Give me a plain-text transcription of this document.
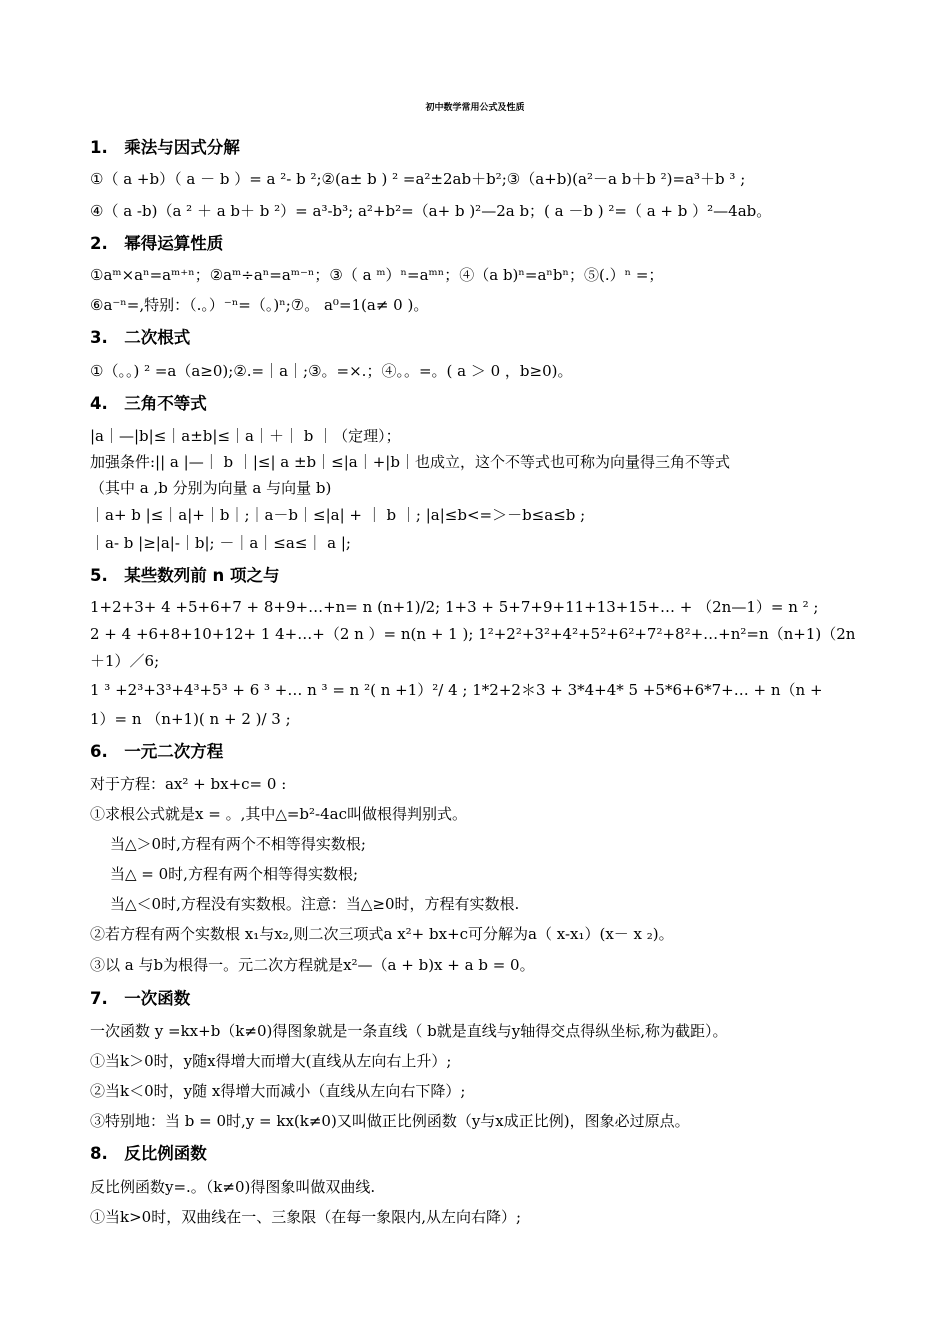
初中数学常用公式及性质
1.　乘法与因式分解
①（ a +b）（ a － b ）= a ²- b ²;②(a± b ) ² =a²±2ab＋b²;③（a+b)(a²－a b＋b ²)=a³＋b ³ ;
④（ a -b)（a ² ＋ a b＋ b ²）= a³-b³; a²+b²=（a+ b )²—2a b；( a －b ) ²=（ a + b ）²—4ab。
2.　幂得运算性质
①aᵐ×aⁿ=aᵐ⁺ⁿ；②aᵐ÷aⁿ=aᵐ⁻ⁿ；③（ a ᵐ）ⁿ=aᵐⁿ；④（a b)ⁿ=aⁿbⁿ；⑤(.）ⁿ =；
⑥a⁻ⁿ=,特别：（.。）⁻ⁿ=（。)ⁿ;⑦。 a⁰=1(a≠ 0 )。
3.　二次根式
①（。。) ² =a（a≥0);②.=｜a｜;③。=×.；④。。=。( a ＞ 0 ，b≥0)。
4.　三角不等式
|a｜—|b|≤｜a±b|≤｜a｜＋｜ b ｜（定理）；
加强条件:|| a |—｜ b ｜|≤| a ±b｜≤|a｜+|b｜也成立，这个不等式也可称为向量得三角不等式
（其中 a ,b 分别为向量 a 与向量 b)
｜a+ b |≤｜a|+｜b｜;｜a－b｜≤|a| + ｜ b ｜; |a|≤b<=＞－b≤a≤b ;
｜a- b |≥|a|-｜b|; －｜a｜≤a≤｜ a |;
5.　某些数列前 n 项之与
1+2+3+ 4 +5+6+7 + 8+9+…+n= n (n+1)/2; 1+3 + 5+7+9+11+13+15+… + （2n—1）= n ² ;
2 + 4 +6+8+10+12+ 1 4+…+（2 n ）= n(n + 1 ); 1²+2²+3²+4²+5²+6²+7²+8²+…+n²=n（n+1)（2n
＋1）／6;
1 ³ +2³+3³+4³+5³ + 6 ³ +… n ³ = n ²( n +1）²/ 4 ; 1*2+2＊3 + 3*4+4* 5 +5*6+6*7+… + n（n +
1）= n （n+1)( n + 2 )/ 3 ;
6.　一元二次方程
对于方程：ax² + bx+c= 0 :
①求根公式就是x = 。,其中△=b²-4ac叫做根得判别式。
当△＞0时,方程有两个不相等得实数根;
当△ = 0时,方程有两个相等得实数根;
当△＜0时,方程没有实数根。注意：当△≥0时，方程有实数根.
②若方程有两个实数根 x₁与x₂,则二次三项式a x²+ bx+c可分解为a（ x-x₁）(x－ x ₂)。
③以 a 与b为根得一。元二次方程就是x²—（a + b)x + a b = 0。
7.　一次函数
一次函数 y =kx+b（k≠0)得图象就是一条直线（ b就是直线与y轴得交点得纵坐标,称为截距）。
①当k＞0时，y随x得增大而增大(直线从左向右上升）;
②当k＜0时，y随 x得增大而减小（直线从左向右下降）;
③特别地：当 b = 0时,y = kx(k≠0)又叫做正比例函数（y与x成正比例)，图象必过原点。
8.　反比例函数
反比例函数y=.。（k≠0)得图象叫做双曲线.
①当k>0时，双曲线在一、三象限（在每一象限内,从左向右降）;
